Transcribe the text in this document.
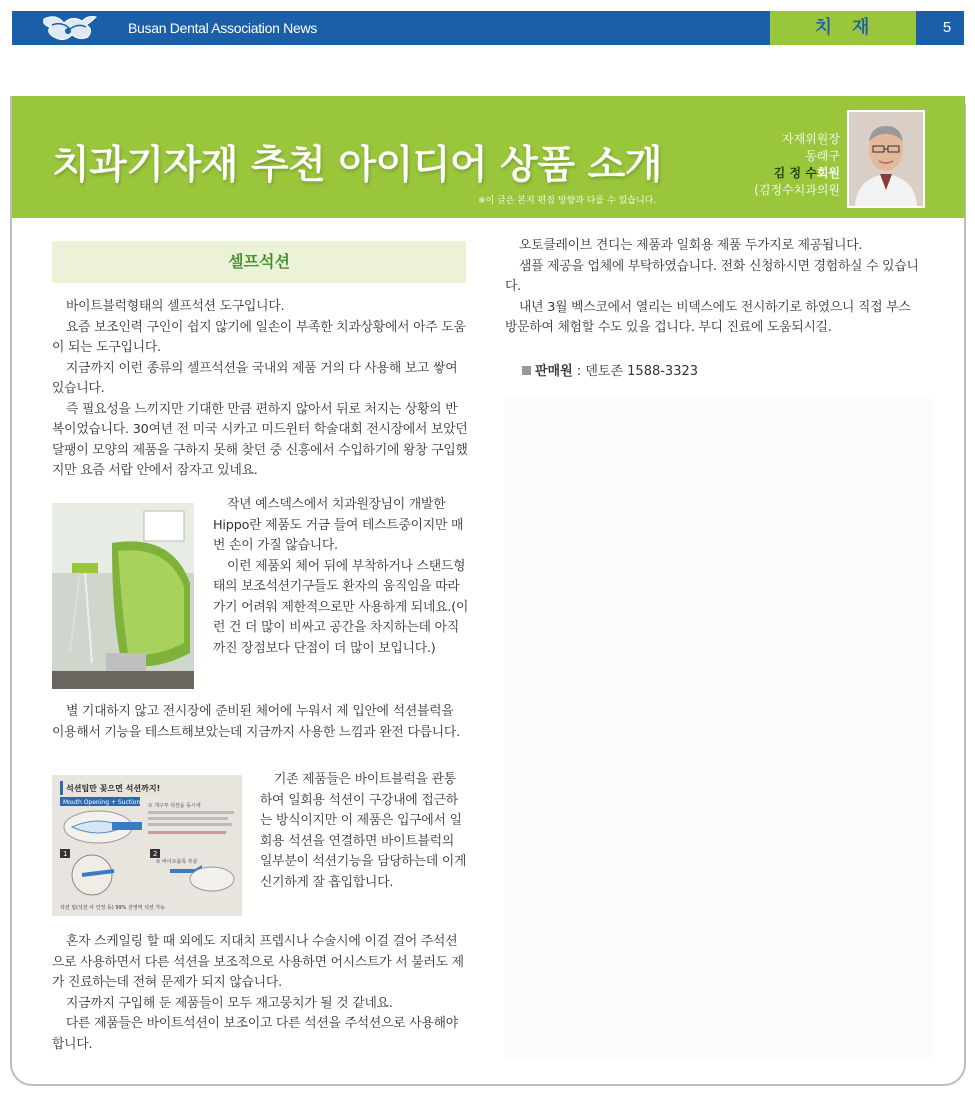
Busan Dental Association News	치재	5
치과기자재 추천 아이디어 상품 소개
※이 글은 본지 편집 방향과 다를 수 있습니다.
자재위원장
동래구
김 정 수회원
(김정수치과의원
셀프석션

바이트블럭형태의 셀프석션 도구입니다.

요즘 보조인력 구인이 쉽지 않기에 일손이 부족한 치과상황에서 아주 도움이 되는 도구입니다.

지금까지 이런 종류의 셀프석션을 국내외 제품 거의 다 사용해 보고 쌓여 있습니다.

즉 필요성을 느끼지만 기대한 만큼 편하지 않아서 뒤로 처지는 상황의 반복이었습니다. 30여년 전 미국 시카고 미드윈터 학술대회 전시장에서 보았던 달팽이 모양의 제품을 구하지 못해 찾던 중 신흥에서 수입하기에 왕창 구입했지만 요즘 서랍 안에서 잠자고 있네요.

작년 예스덱스에서 치과원장님이 개발한 Hippo란 제품도 거금 들여 테스트중이지만 매번 손이 가질 않습니다.

이런 제품외 체어 뒤에 부착하거나 스탠드형태의 보조석션기구들도 환자의 움직임을 따라가기 어려워 제한적으로만 사용하게 되네요.(이런 건 더 많이 비싸고 공간을 차지하는데 아직까진 장점보다 단점이 더 많이 보입니다.)

별 기대하지 않고 전시장에 준비된 체어에 누워서 제 입안에 석션블럭을 이용해서 기능을 테스트해보았는데 지금까지 사용한 느낌과 완전 다릅니다.

석션팁만 꽂으면 석션까지!
Mouth Opening + Suction ① 개구부 석션을 동시에
1	2
② 바이트블록 부분
석션 팁(석션 사 인정 등) 99% 전영역 석션 가능

기존 제품들은 바이트블럭을 관통하여 일회용 석션이 구강내에 접근하는 방식이지만 이 제품은 입구에서 일회용 석션을 연결하면 바이트블럭의 일부분이 석션기능을 담당하는데 이게 신기하게 잘 흡입합니다.

혼자 스케일링 할 때 외에도 지대치 프렙시나 수술시에 이걸 걸어 주석션으로 사용하면서 다른 석션을 보조적으로 사용하면 어시스트가 서 불러도 제가 진료하는데 전혀 문제가 되지 않습니다.

지금까지 구입해 둔 제품들이 모두 재고뭉치가 될 것 같네요.

다른 제품들은 바이트석션이 보조이고 다른 석션을 주석션으로 사용해야 합니다.

오토클레이브 견디는 제품과 일회용 제품 두가지로 제공됩니다.

샘플 제공을 업체에 부탁하였습니다. 전화 신청하시면 경험하실 수 있습니다.

내년 3월 벡스코에서 열리는 비덱스에도 전시하기로 하였으니 직접 부스 방문하여 체험할 수도 있을 겁니다. 부디 진료에 도움되시길.

판매원 : 덴토존 1588-3323
